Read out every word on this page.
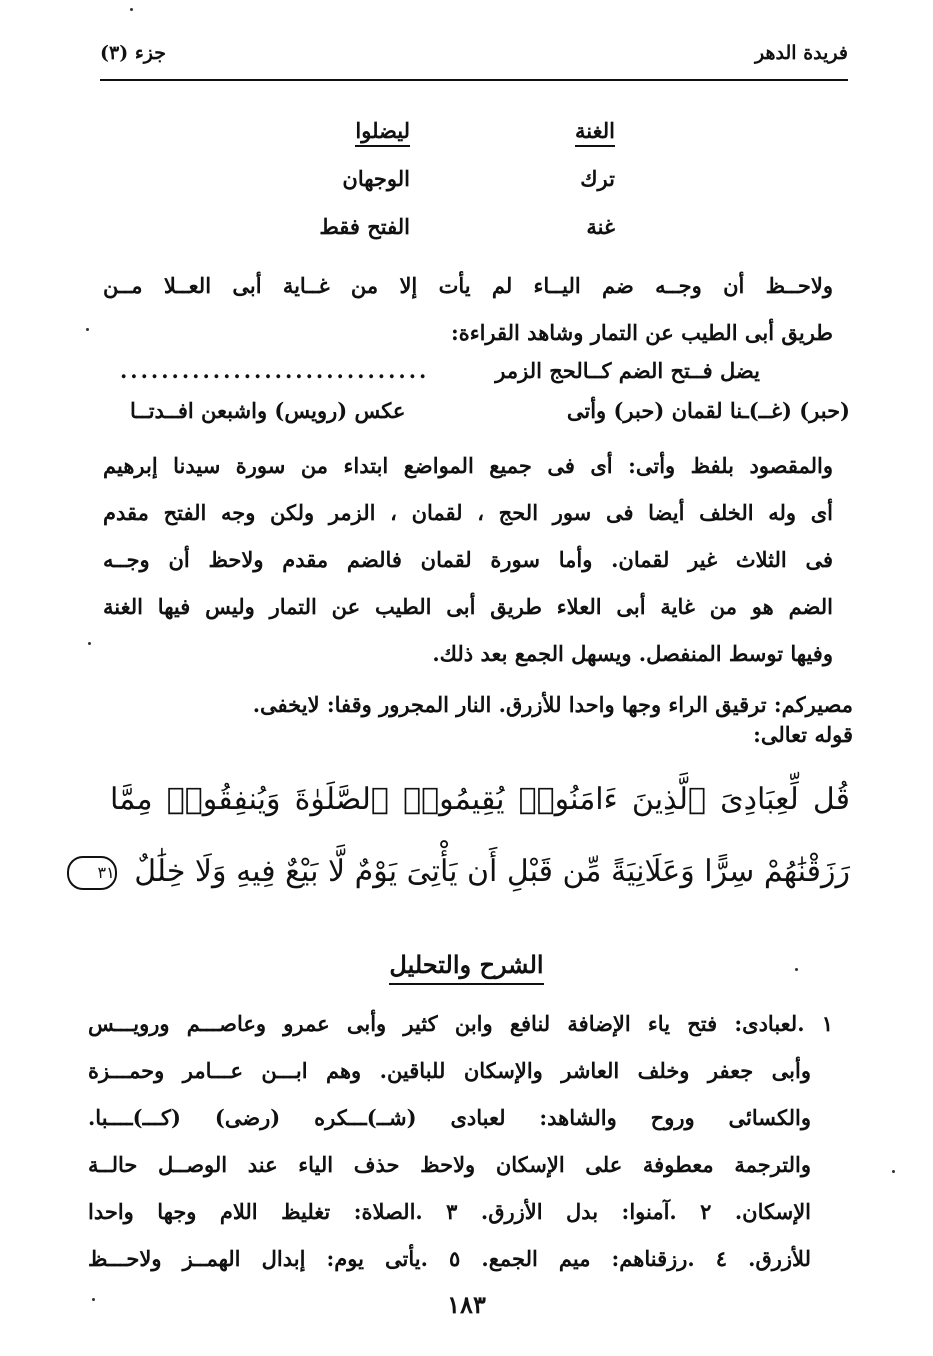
فريدة الدهر
جزء (٣)
الغنة
ليضلوا
ترك
الوجهان
غنة
الفتح فقط
ولاحــظ أن وجــه ضم اليــاء لم يأت إلا من غــاية أبى العــلا مــن
طريق أبى الطيب عن التمار وشاهد القراءة:
يضل فــتح الضم كــالحج الزمر
..............................
(حبر) (غــ)ـنا لقمان (حبر) وأتى
عكس (رويس) واشبعن افــدتــا
والمقصود بلفظ وأتى: أى فى جميع المواضع ابتداء من سورة سيدنا إبرهيم
أى وله الخلف أيضا فى سور الحج ، لقمان ، الزمر ولكن وجه الفتح مقدم
فى الثلاث غير لقمان. وأما سورة لقمان فالضم مقدم ولاحظ أن وجــه
الضم هو من غاية أبى العلاء طريق أبى الطيب عن التمار وليس فيها الغنة
وفيها توسط المنفصل. ويسهل الجمع بعد ذلك.
مصيركم: ترقيق الراء وجها واحدا للأزرق. النار المجرور وقفا: لايخفى.
قوله تعالى:
قُل لِّعِبَادِىَ ٱلَّذِينَ ءَامَنُوا۟ يُقِيمُوا۟ ٱلصَّلَوٰةَ وَيُنفِقُوا۟ مِمَّا
رَزَقْنَٰهُمْ سِرًّا وَعَلَانِيَةً مِّن قَبْلِ أَن يَأْتِىَ يَوْمٌ لَّا بَيْعٌ فِيهِ وَلَا خِلَٰلٌ ٣١
الشرح والتحليل
١ .لعبادى: فتح ياء الإضافة لنافع وابن كثير وأبى عمرو وعاصـــم ورويـــس
وأبى جعفر وخلف العاشر والإسكان للباقين. وهم ابـــن عـــامر وحمـــزة
والكسائى وروح والشاهد: لعبادى (شــ)ـــكره (رضى) (كـــ)ــــبا.
والترجمة معطوفة على الإسكان ولاحظ حذف الياء عند الوصــل حالــة
الإسكان. ٢ .آمنوا: بدل الأزرق. ٣ .الصلاة: تغليظ اللام وجها واحدا
للأزرق. ٤ .رزقناهم: ميم الجمع. ٥ .يأتى يوم: إبدال الهمــز ولاحـــظ
١٨٣
